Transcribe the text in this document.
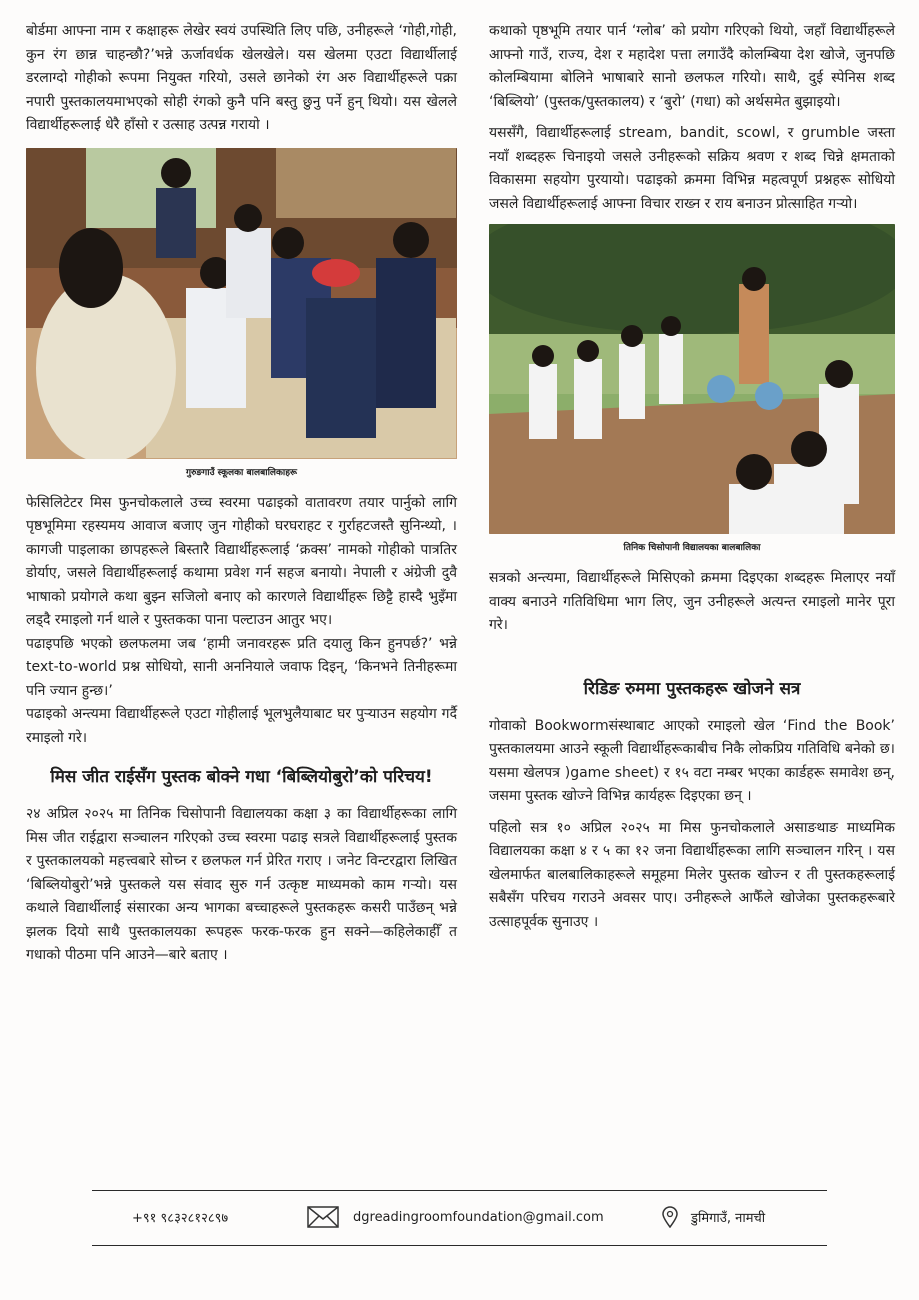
बोर्डमा आफ्ना नाम र कक्षाहरू लेखेर स्वयं उपस्थिति लिए पछि, उनीहरूले ‘गोही,गोही, कुन रंग छान्न चाहन्छौ?’भन्ने ऊर्जावर्धक खेलखेले। यस खेलमा एउटा विद्यार्थीलाई डरलाग्दो गोहीको रूपमा नियुक्त गरियो, उसले छानेको रंग अरु विद्यार्थीहरूले पक्रा नपारी पुस्तकालयमाभएको सोही रंगको कुनै पनि बस्तु छुनु पर्ने हुन् थियो। यस खेलले विद्यार्थीहरूलाई धेरै हाँसो र उत्साह उत्पन्न गरायो ।

गुरुङगाउँ स्कूलका बालबालिकाहरू

फेसिलिटेटर मिस फुनचोकलाले उच्च स्वरमा पढाइको वातावरण तयार पार्नुको लागि पृष्ठभूमिमा रहस्यमय आवाज बजाए जुन गोहीको घरघराहट र गुर्राहटजस्तै सुनिन्थ्यो, । कागजी पाइलाका छापहरूले बिस्तारै विद्यार्थीहरूलाई ‘क्रक्स’ नामको गोहीको पात्रतिर डोर्याए, जसले विद्यार्थीहरूलाई कथामा प्रवेश गर्न सहज बनायो। नेपाली र अंग्रेजी दुवै भाषाको प्रयोगले कथा बुझ्न सजिलो बनाए को कारणले विद्यार्थीहरू छिट्टै हास्दै भुइँमा लड्दै रमाइलो गर्न थाले र पुस्तकका पाना पल्टाउन आतुर भए।

पढाइपछि भएको छलफलमा जब ‘हामी जनावरहरू प्रति दयालु किन हुनपर्छ?’ भन्ने text-to-world प्रश्न सोधियो, सानी अननियाले जवाफ दिइन्, ‘किनभने तिनीहरूमा पनि ज्यान हुन्छ।’

पढाइको अन्त्यमा विद्यार्थीहरूले एउटा गोहीलाई भूलभुलैयाबाट घर पुर्‍याउन सहयोग गर्दै रमाइलो गरे।

मिस जीत राईसँग पुस्तक बोक्ने गधा ‘बिब्लियोबुरो’को परिचय!

२४ अप्रिल २०२५ मा तिनिक चिसोपानी विद्यालयका कक्षा ३ का विद्यार्थीहरूका लागि मिस जीत राईद्वारा सञ्चालन गरिएको उच्च स्वरमा पढाइ सत्रले विद्यार्थीहरूलाई पुस्तक र पुस्तकालयको महत्त्वबारे सोच्न र छलफल गर्न प्रेरित गराए । जनेट विन्टरद्वारा लिखित ‘बिब्लियोबुरो’भन्ने पुस्तकले यस संवाद सुरु गर्न उत्कृष्ट माध्यमको काम गर्‍यो। यस कथाले विद्यार्थीलाई संसारका अन्य भागका बच्चाहरूले पुस्तकहरू कसरी पाउँछन् भन्ने झलक दियो साथै पुस्तकालयका रूपहरू फरक-फरक हुन सक्ने—कहिलेकाहीँ त गधाको पीठमा पनि आउने—बारे बताए ।

कथाको पृष्ठभूमि तयार पार्न ‘ग्लोब’ को प्रयोग गरिएको थियो, जहाँ विद्यार्थीहरूले आफ्नो गाउँ, राज्य, देश र महादेश पत्ता लगाउँदै कोलम्बिया देश खोजे, जुनपछि कोलम्बियामा बोलिने भाषाबारे सानो छलफल गरियो। साथै, दुई स्पेनिस शब्द ‘बिब्लियो’ (पुस्तक/पुस्तकालय) र ‘बुरो’ (गधा) को अर्थसमेत बुझाइयो।

यससँगै, विद्यार्थीहरूलाई stream, bandit, scowl, र grumble जस्ता नयाँ शब्दहरू चिनाइयो जसले उनीहरूको सक्रिय श्रवण र शब्द चिन्ने क्षमताको विकासमा सहयोग पुरयायो। पढाइको क्रममा विभिन्न महत्वपूर्ण प्रश्नहरू सोधियो जसले विद्यार्थीहरूलाई आफ्ना विचार राख्न र राय बनाउन प्रोत्साहित गर्‍यो।

तिनिक चिसोपानी विद्यालयका बालबालिका

सत्रको अन्त्यमा, विद्यार्थीहरूले मिसिएको क्रममा दिइएका शब्दहरू मिलाएर नयाँ वाक्य बनाउने गतिविधिमा भाग लिए, जुन उनीहरूले अत्यन्त रमाइलो मानेर पूरा गरे।

रिडिङ रुममा पुस्तकहरू खोजने सत्र

गोवाको Bookwormसंस्थाबाट आएको रमाइलो खेल ‘Find the Book’ पुस्तकालयमा आउने स्कूली विद्यार्थीहरूकाबीच निकै लोकप्रिय गतिविधि बनेको छ।यसमा खेलपत्र )game sheet) र १५ वटा नम्बर भएका कार्डहरू समावेश छन्, जसमा पुस्तक खोज्ने विभिन्न कार्यहरू दिइएका छन् ।

पहिलो सत्र १० अप्रिल २०२५ मा मिस फुनचोकलाले असाङथाङ माध्यमिक विद्यालयका कक्षा ४ र ५ का १२ जना विद्यार्थीहरूका लागि सञ्चालन गरिन् । यस खेलमार्फत बालबालिकाहरूले समूहमा मिलेर पुस्तक खोज्न र ती पुस्तकहरूलाई सबैसँग परिचय गराउने अवसर पाए। उनीहरूले आफैँले खोजेका पुस्तकहरूबारे उत्साहपूर्वक सुनाउए ।

+९१ ९८३२८१२८९७	dgreadingroomfoundation@gmail.com	डुमिगाउँ, नामची
